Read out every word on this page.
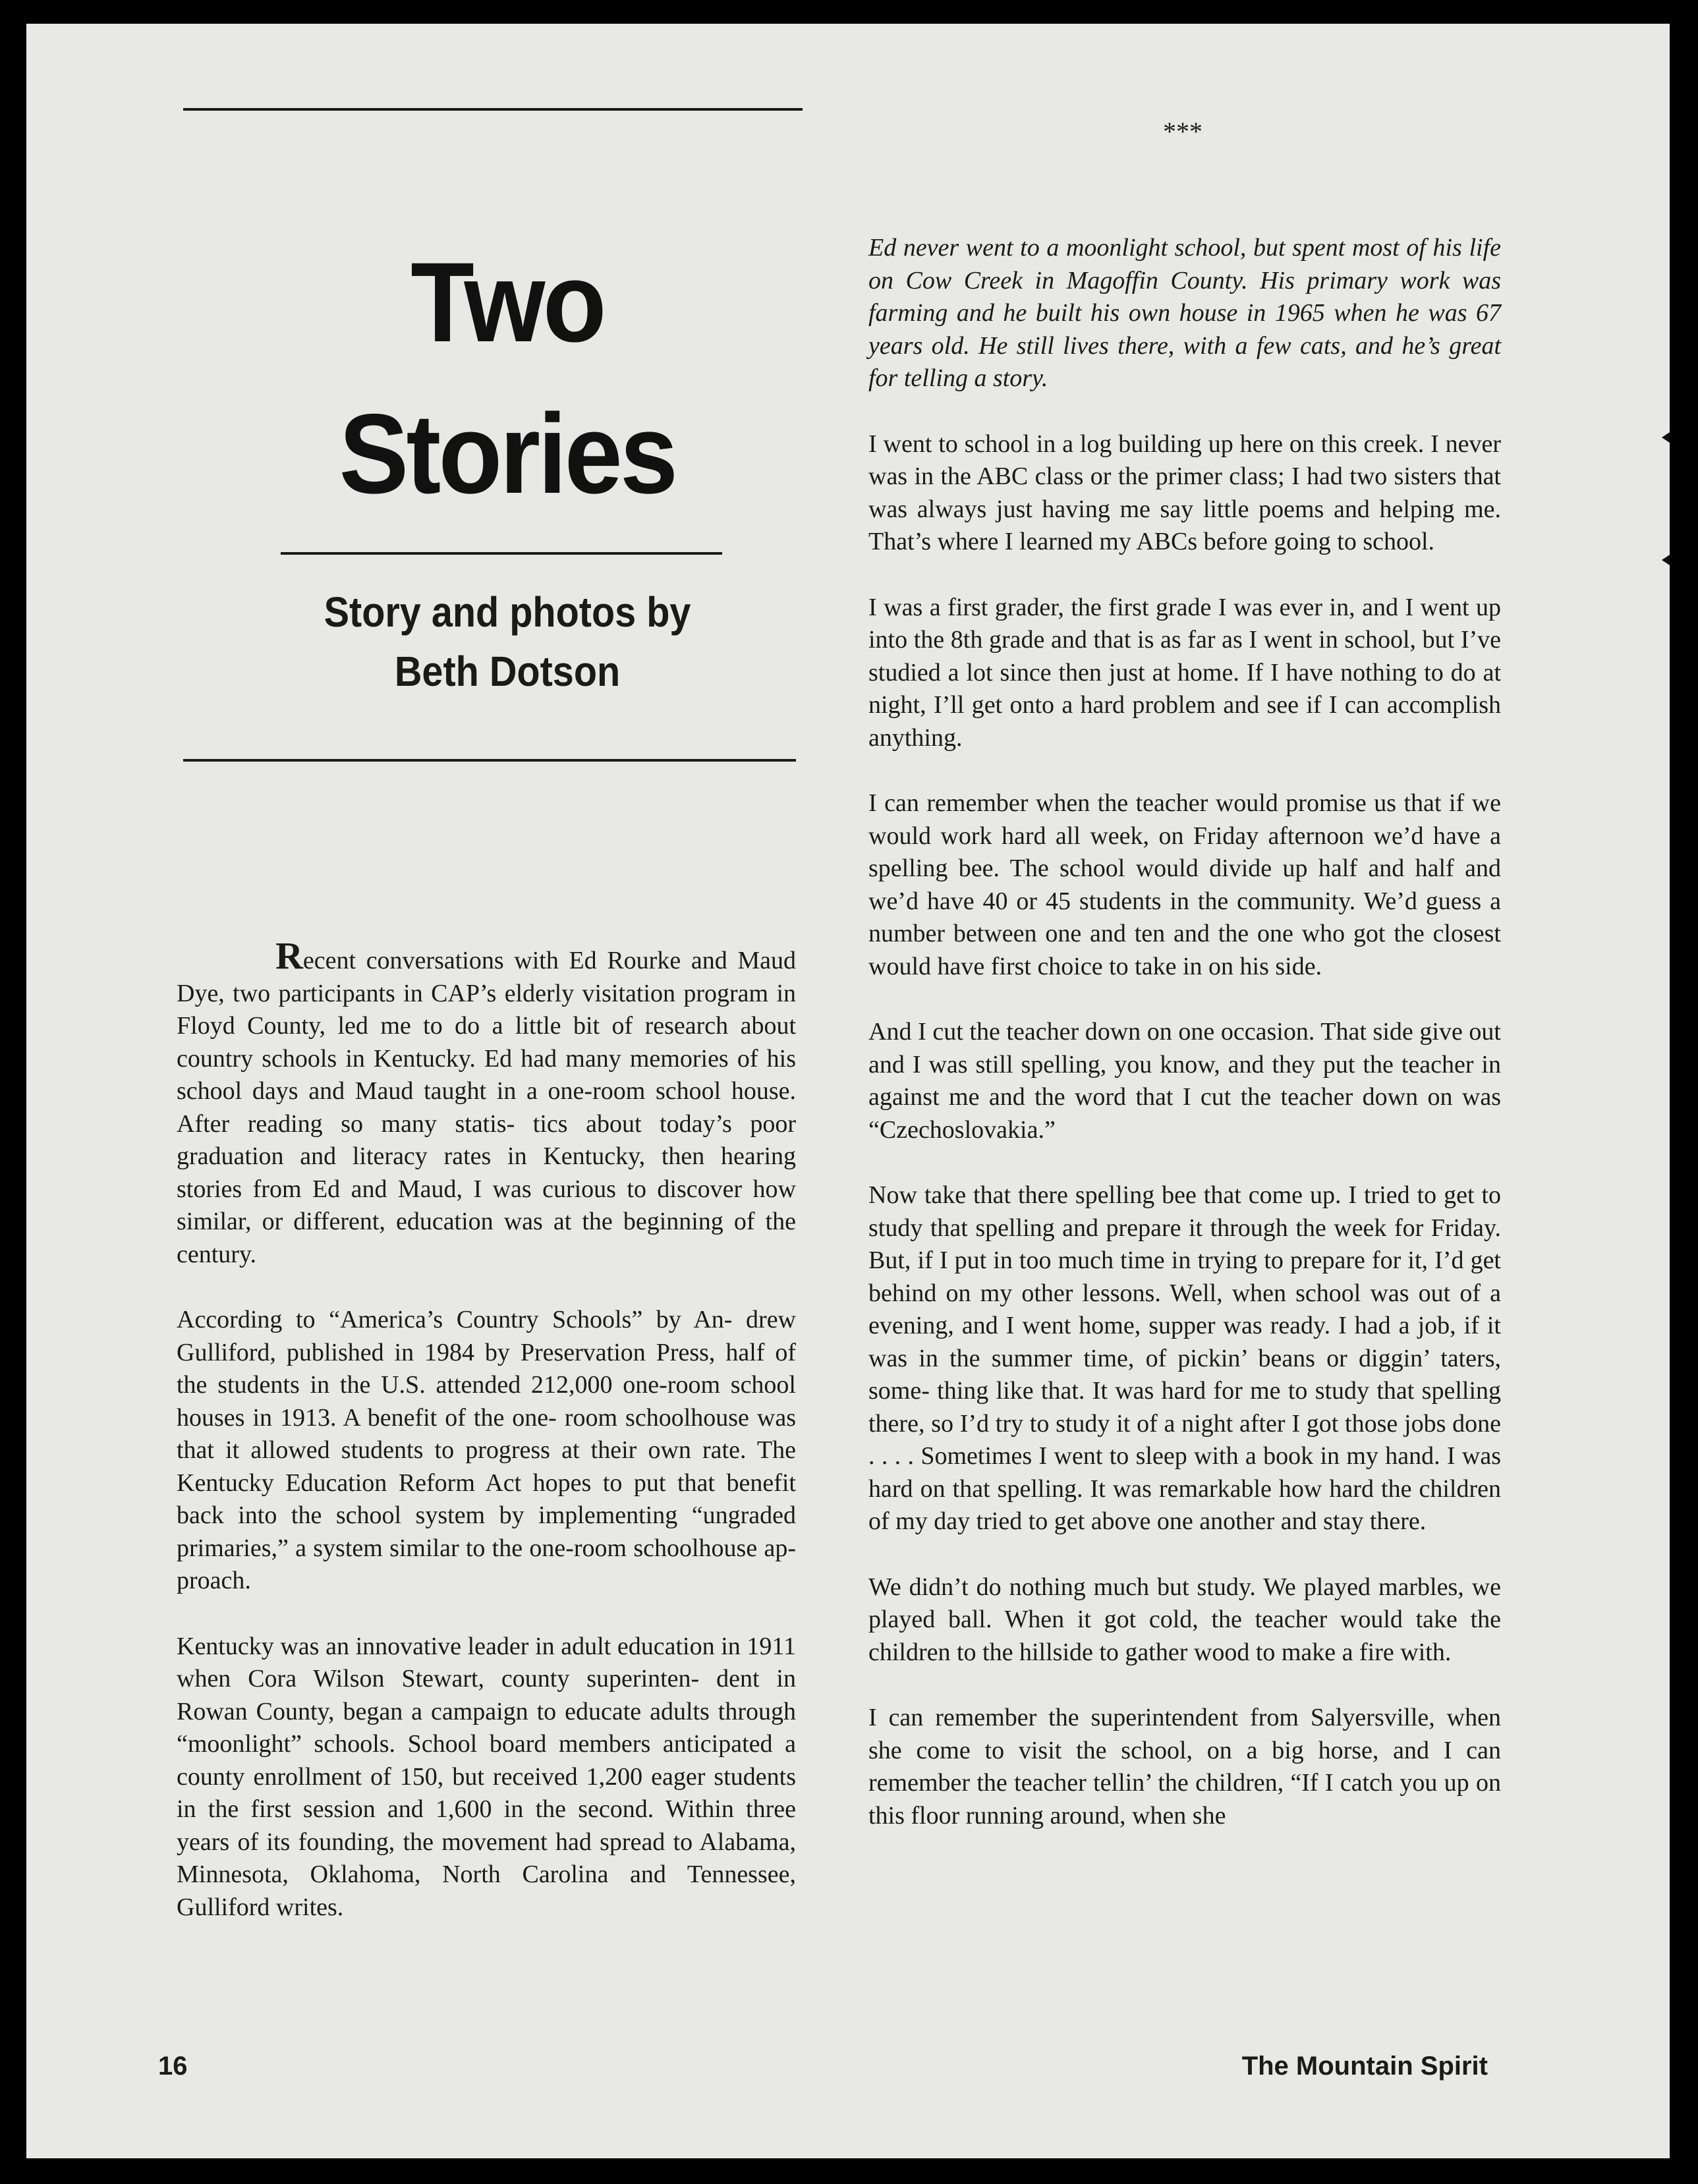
***
Two
Stories
Story and photos by
Beth Dotson

Recent conversations with Ed Rourke and Maud Dye, two participants in CAP’s elderly visitation program in Floyd County, led me to do a little bit of research about country schools in Kentucky. Ed had many memories of his school days and Maud taught in a one-room school house. After reading so many statis- tics about today’s poor graduation and literacy rates in Kentucky, then hearing stories from Ed and Maud, I was curious to discover how similar, or different, education was at the beginning of the century.

According to “America’s Country Schools” by An- drew Gulliford, published in 1984 by Preservation Press, half of the students in the U.S. attended 212,000 one-room school houses in 1913. A benefit of the one- room schoolhouse was that it allowed students to progress at their own rate. The Kentucky Education Reform Act hopes to put that benefit back into the school system by implementing “ungraded primaries,” a system similar to the one-room schoolhouse ap- proach.

Kentucky was an innovative leader in adult education in 1911 when Cora Wilson Stewart, county superinten- dent in Rowan County, began a campaign to educate adults through “moonlight” schools. School board members anticipated a county enrollment of 150, but received 1,200 eager students in the first session and 1,600 in the second. Within three years of its founding, the movement had spread to Alabama, Minnesota, Oklahoma, North Carolina and Tennessee, Gulliford writes.

Ed never went to a moonlight school, but spent most of his life on Cow Creek in Magoffin County. His primary work was farming and he built his own house in 1965 when he was 67 years old. He still lives there, with a few cats, and he’s great for telling a story.

I went to school in a log building up here on this creek. I never was in the ABC class or the primer class; I had two sisters that was always just having me say little poems and helping me. That’s where I learned my ABCs before going to school.

I was a first grader, the first grade I was ever in, and I went up into the 8th grade and that is as far as I went in school, but I’ve studied a lot since then just at home. If I have nothing to do at night, I’ll get onto a hard problem and see if I can accomplish anything.

I can remember when the teacher would promise us that if we would work hard all week, on Friday afternoon we’d have a spelling bee. The school would divide up half and half and we’d have 40 or 45 students in the community. We’d guess a number between one and ten and the one who got the closest would have first choice to take in on his side.

And I cut the teacher down on one occasion. That side give out and I was still spelling, you know, and they put the teacher in against me and the word that I cut the teacher down on was “Czechoslovakia.”

Now take that there spelling bee that come up. I tried to get to study that spelling and prepare it through the week for Friday. But, if I put in too much time in trying to prepare for it, I’d get behind on my other lessons. Well, when school was out of a evening, and I went home, supper was ready. I had a job, if it was in the summer time, of pickin’ beans or diggin’ taters, some- thing like that. It was hard for me to study that spelling there, so I’d try to study it of a night after I got those jobs done . . . . Sometimes I went to sleep with a book in my hand. I was hard on that spelling. It was remarkable how hard the children of my day tried to get above one another and stay there.

We didn’t do nothing much but study. We played marbles, we played ball. When it got cold, the teacher would take the children to the hillside to gather wood to make a fire with.

I can remember the superintendent from Salyersville, when she come to visit the school, on a big horse, and I can remember the teacher tellin’ the children, “If I catch you up on this floor running around, when she

16	The Mountain Spirit
